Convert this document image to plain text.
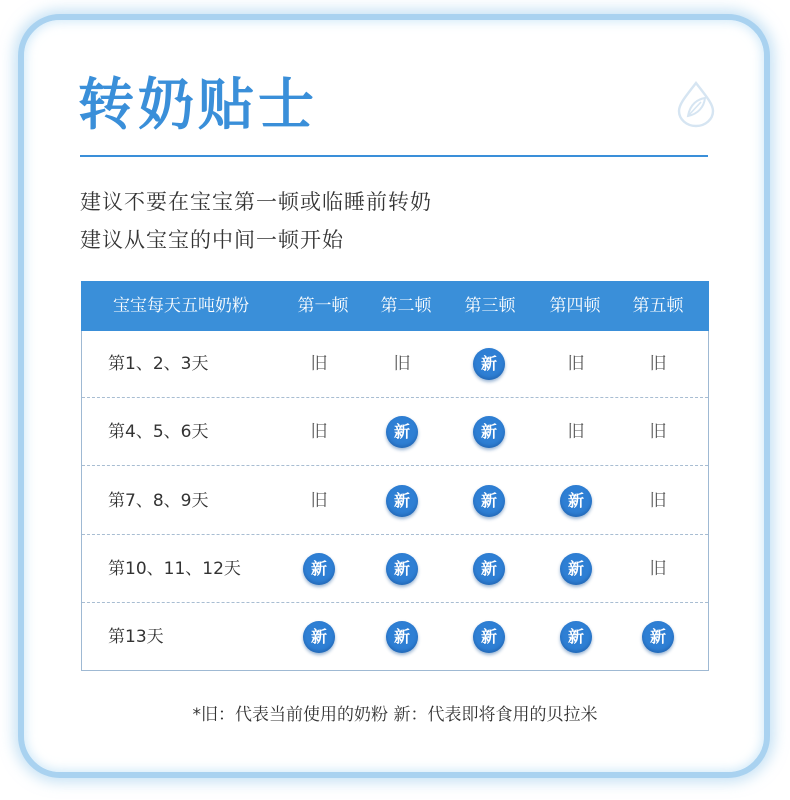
转奶贴士
建议不要在宝宝第一顿或临睡前转奶
建议从宝宝的中间一顿开始
宝宝每天五吨奶粉	第一顿	第二顿	第三顿	第四顿	第五顿
第1、2、3天	旧	旧	新	旧	旧
第4、5、6天	旧	新	新	旧	旧
第7、8、9天	旧	新	新	新	旧
第10、11、12天	新	新	新	新	旧
第13天	新	新	新	新	新
*旧：代表当前使用的奶粉 新：代表即将食用的贝拉米
